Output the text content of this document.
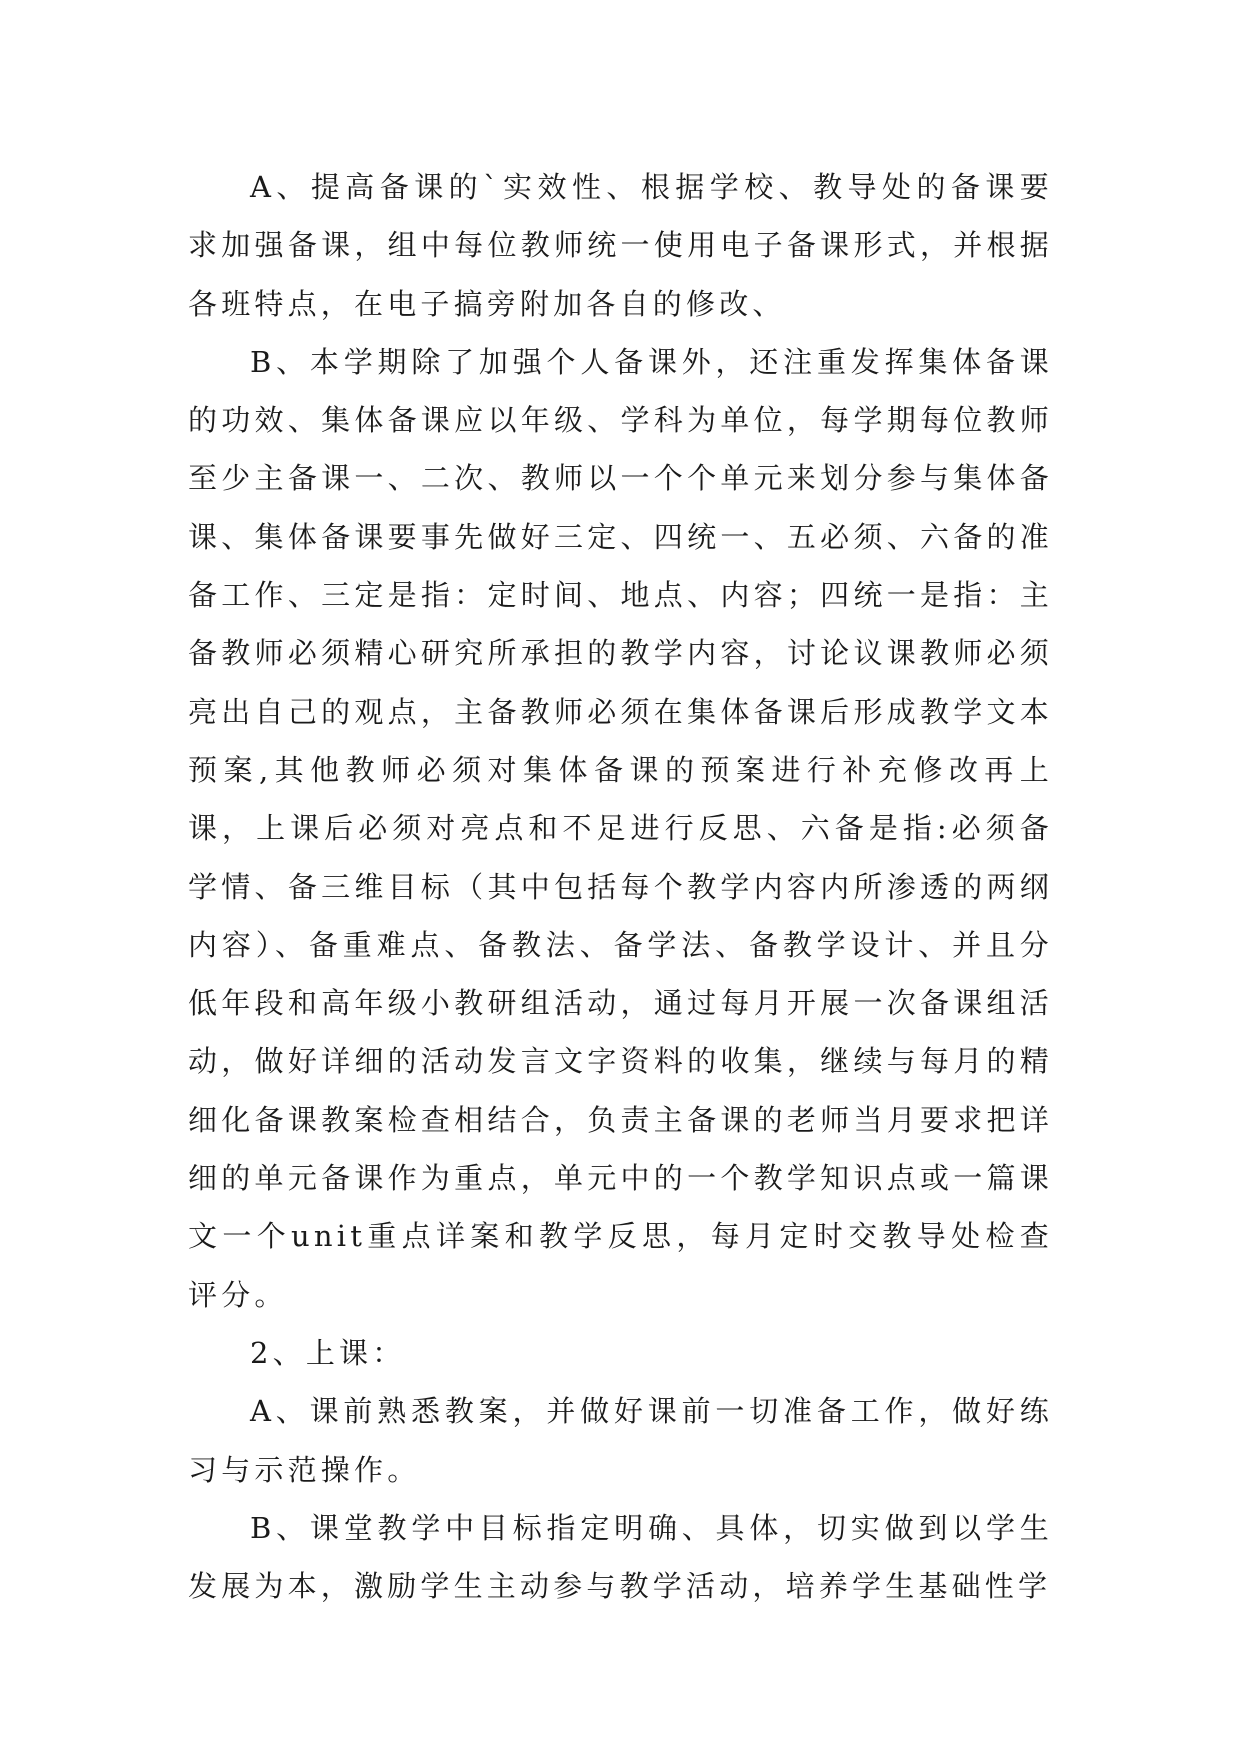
A、提高备课的`实效性、根据学校、教导处的备课要求加强备课，组中每位教师统一使用电子备课形式，并根据各班特点，在电子搞旁附加各自的修改、

B、本学期除了加强个人备课外，还注重发挥集体备课的功效、集体备课应以年级、学科为单位，每学期每位教师至少主备课一、二次、教师以一个个单元来划分参与集体备课、集体备课要事先做好三定、四统一、五必须、六备的准备工作、三定是指：定时间、地点、内容；四统一是指：主备教师必须精心研究所承担的教学内容，讨论议课教师必须亮出自己的观点，主备教师必须在集体备课后形成教学文本预案,其他教师必须对集体备课的预案进行补充修改再上课，上课后必须对亮点和不足进行反思、六备是指:必须备学情、备三维目标（其中包括每个教学内容内所渗透的两纲内容）、备重难点、备教法、备学法、备教学设计、并且分低年段和高年级小教研组活动，通过每月开展一次备课组活动，做好详细的活动发言文字资料的收集，继续与每月的精细化备课教案检查相结合，负责主备课的老师当月要求把详细的单元备课作为重点，单元中的一个教学知识点或一篇课文一个unit重点详案和教学反思，每月定时交教导处检查评分。

2、上课：

A、课前熟悉教案，并做好课前一切准备工作，做好练习与示范操作。

B、课堂教学中目标指定明确、具体，切实做到以学生发展为本，激励学生主动参与教学活动，培养学生基础性学
